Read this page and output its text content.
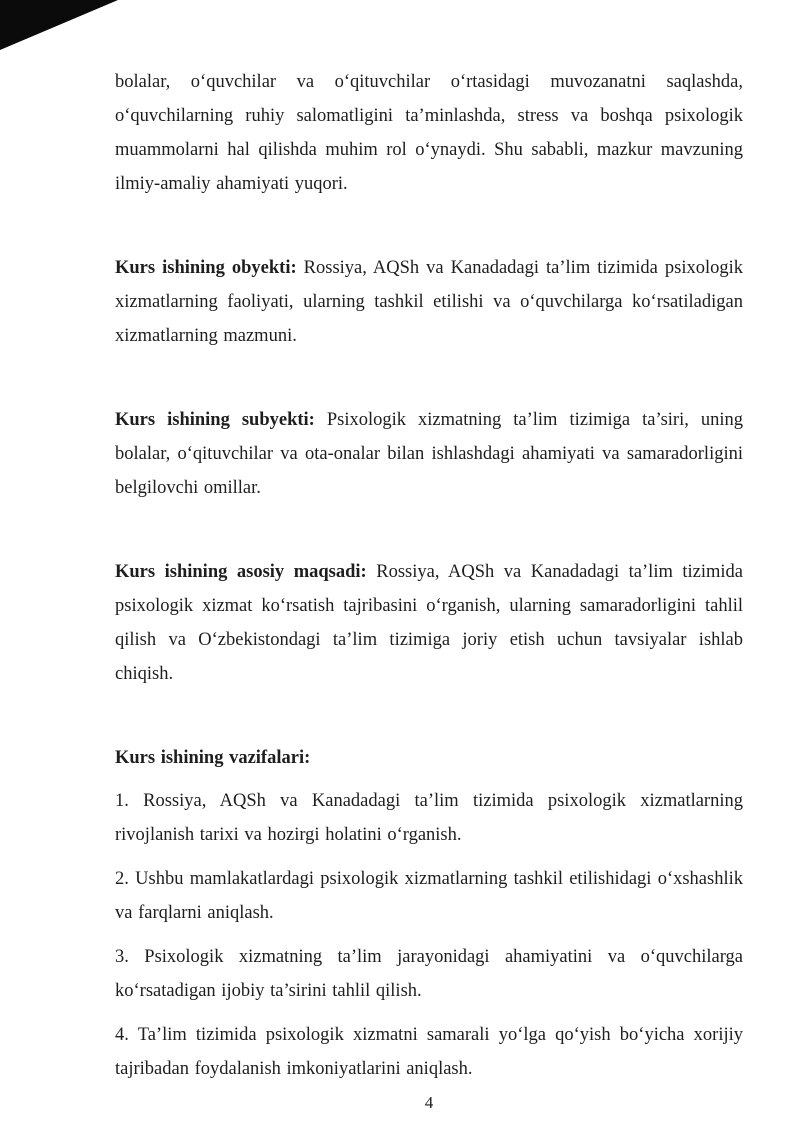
bolalar, o‘quvchilar va o‘qituvchilar o‘rtasidagi muvozanatni saqlashda, o‘quvchilarning ruhiy salomatligini ta’minlashda, stress va boshqa psixologik muammolarni hal qilishda muhim rol o‘ynaydi. Shu sababli, mazkur mavzuning ilmiy-amaliy ahamiyati yuqori.

Kurs ishining obyekti: Rossiya, AQSh va Kanadadagi ta’lim tizimida psixologik xizmatlarning faoliyati, ularning tashkil etilishi va o‘quvchilarga ko‘rsatiladigan xizmatlarning mazmuni.

Kurs ishining subyekti: Psixologik xizmatning ta’lim tizimiga ta’siri, uning bolalar, o‘qituvchilar va ota-onalar bilan ishlashdagi ahamiyati va samaradorligini belgilovchi omillar.

Kurs ishining asosiy maqsadi: Rossiya, AQSh va Kanadadagi ta’lim tizimida psixologik xizmat ko‘rsatish tajribasini o‘rganish, ularning samaradorligini tahlil qilish va O‘zbekistondagi ta’lim tizimiga joriy etish uchun tavsiyalar ishlab chiqish.

Kurs ishining vazifalari:

1. Rossiya, AQSh va Kanadadagi ta’lim tizimida psixologik xizmatlarning rivojlanish tarixi va hozirgi holatini o‘rganish.

2. Ushbu mamlakatlardagi psixologik xizmatlarning tashkil etilishidagi o‘xshashlik va farqlarni aniqlash.

3. Psixologik xizmatning ta’lim jarayonidagi ahamiyatini va o‘quvchilarga ko‘rsatadigan ijobiy ta’sirini tahlil qilish.

4. Ta’lim tizimida psixologik xizmatni samarali yo‘lga qo‘yish bo‘yicha xorijiy tajribadan foydalanish imkoniyatlarini aniqlash.

4
